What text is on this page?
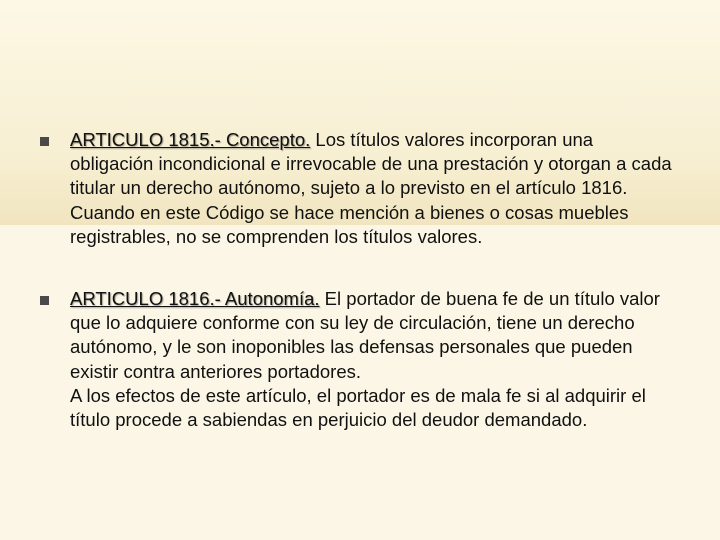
ARTICULO 1815.- Concepto. Los títulos valores incorporan una obligación incondicional e irrevocable de una prestación y otorgan a cada titular un derecho autónomo, sujeto a lo previsto en el artículo 1816.
Cuando en este Código se hace mención a bienes o cosas muebles registrables, no se comprenden los títulos valores.
ARTICULO 1816.- Autonomía. El portador de buena fe de un título valor que lo adquiere conforme con su ley de circulación, tiene un derecho autónomo, y le son inoponibles las defensas personales que pueden existir contra anteriores portadores.
A los efectos de este artículo, el portador es de mala fe si al adquirir el título procede a sabiendas en perjuicio del deudor demandado.
